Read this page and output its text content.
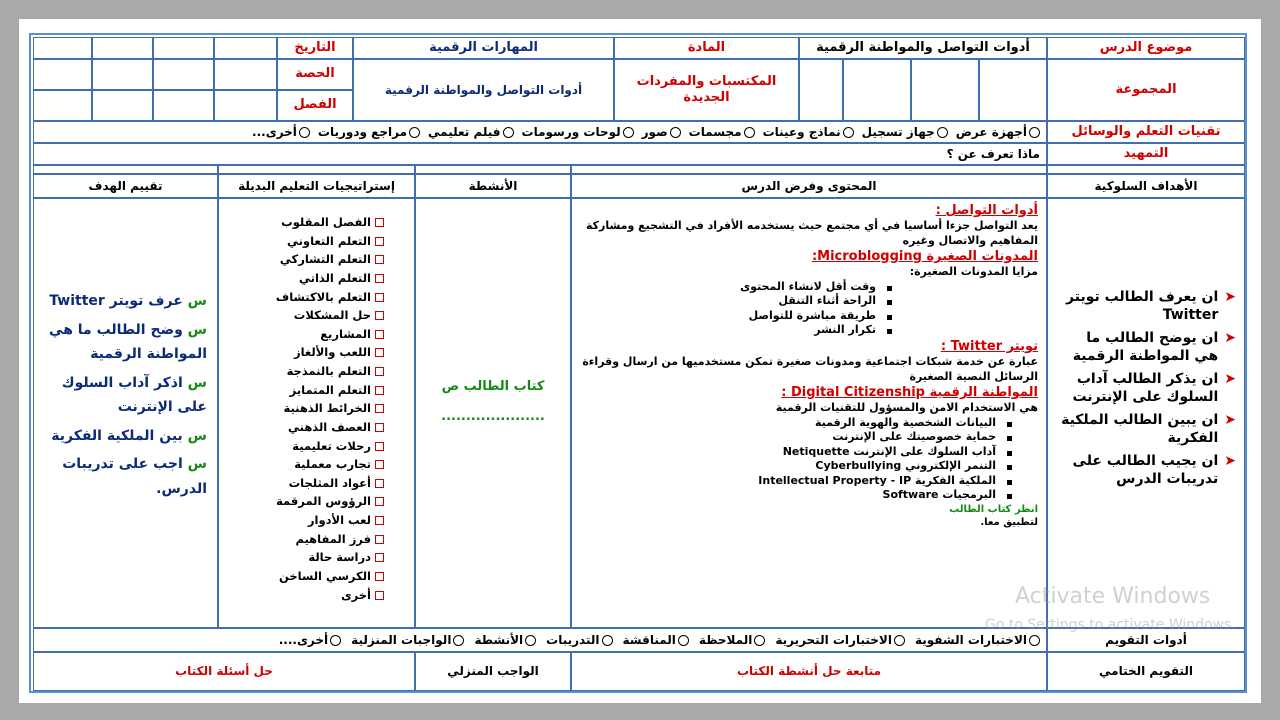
موضوع الدرس
أدوات التواصل والمواطنة الرقمية
المادة
المهارات الرقمية
التاريخ
المجموعة
المكتسبات والمفردات الجديدة
أدوات التواصل والمواطنة الرقمية
الحصة
الفصل
تقنيات التعلم والوسائل
أجهزة عرض
جهاز تسجيل
نماذج وعينات
مجسمات
صور
لوحات ورسومات
فيلم تعليمي
مراجع ودوريات
أخرى...
التمهيد
ماذا تعرف عن ؟
الأهداف السلوكية
المحتوى وفرض الدرس
الأنشطة
إستراتيجيات التعليم البديلة
تقييم الهدف
➤
ان يعرف الطالب تويتر Twitter
➤
ان يوضح الطالب ما هي المواطنة الرقمية
➤
ان يذكر الطالب آداب السلوك على الإنترنت
➤
ان يبين الطالب الملكية الفكرية
➤
ان يجيب الطالب على تدريبات الدرس
أدوات التواصل :
يعد التواصل جزءا أساسيا في أي مجتمع حيث يستخدمه الأفراد في التشجيع ومشاركة المفاهيم والاتصال وغيره
المدونات الصغيرة Microblogging:
مزايا المدونات الصغيرة:
وقت أقل لانشاء المحتوى
الراحة أثناء التنقل
طريقة مباشرة للتواصل
تكرار النشر
تويتر Twitter :
عبارة عن خدمة شبكات اجتماعية ومدونات صغيرة تمكن مستخدميها من ارسال وقراءة الرسائل النصية الصغيرة
المواطنة الرقمية Digital Citizenship :
هي الاستخدام الامن والمسؤول للتقنيات الرقمية
البيانات الشخصية والهوية الرقمية
حماية خصوصيتك على الإنترنت
آداب السلوك على الإنترنت Netiquette
التنمر الإلكتروني Cyberbullying
الملكية الفكرية Intellectual Property - IP
البرمجيات Software
انظر كتاب الطالب
لتطبيق معا.
كتاب الطالب ص
.....................
الفصل المقلوب
التعلم التعاوني
التعلم التشاركي
التعلم الذاتي
التعلم بالاكتشاف
حل المشكلات
المشاريع
اللعب والألغاز
التعلم بالنمذجة
التعلم المتمايز
الخرائط الذهنية
العصف الذهني
رحلات تعليمية
تجارب معملية
أعواد المثلجات
الرؤوس المرقمة
لعب الأدوار
فرز المفاهيم
دراسة حالة
الكرسي الساخن
أخرى
س عرف تويتر Twitter
س وضح الطالب ما هي المواطنة الرقمية
س اذكر آداب السلوك على الإنترنت
س بين الملكية الفكرية
س اجب على تدريبات الدرس.
أدوات التقويم
الاختبارات الشفوية
الاختبارات التحريرية
الملاحظة
المناقشة
التدريبات
الأنشطة
الواجبات المنزلية
أخرى....
التقويم الختامي
متابعة حل أنشطة الكتاب
الواجب المنزلي
حل أسئلة الكتاب
Activate Windows
Go to Settings to activate Windows.
